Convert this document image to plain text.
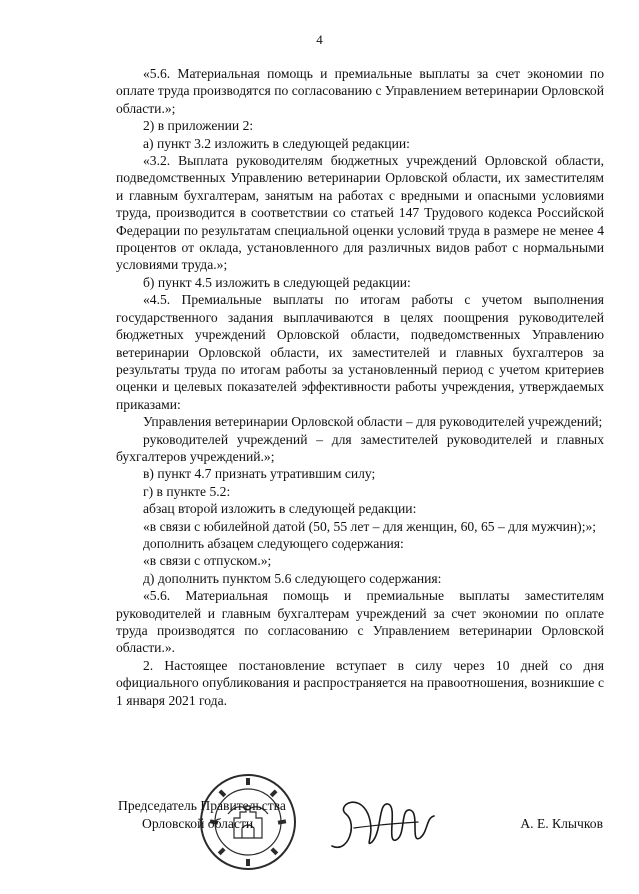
4

«5.6. Материальная помощь и премиальные выплаты за счет экономии по оплате труда производятся по согласованию с Управлением ветеринарии Орловской области.»;

2) в приложении 2:

а) пункт 3.2 изложить в следующей редакции:

«3.2. Выплата руководителям бюджетных учреждений Орловской области, подведомственных Управлению ветеринарии Орловской области, их заместителям и главным бухгалтерам, занятым на работах с вредными и опасными условиями труда, производится в соответствии со статьей 147 Трудового кодекса Российской Федерации по результатам специальной оценки условий труда в размере не менее 4 процентов от оклада, установленного для различных видов работ с нормальными условиями труда.»;

б) пункт 4.5 изложить в следующей редакции:

«4.5. Премиальные выплаты по итогам работы с учетом выполнения государственного задания выплачиваются в целях поощрения руководителей бюджетных учреждений Орловской области, подведомственных Управлению ветеринарии Орловской области, их заместителей и главных бухгалтеров за результаты труда по итогам работы за установленный период с учетом критериев оценки и целевых показателей эффективности работы учреждения, утверждаемых приказами:

Управления ветеринарии Орловской области – для руководителей учреждений;

руководителей учреждений – для заместителей руководителей и главных бухгалтеров учреждений.»;

в) пункт 4.7 признать утратившим силу;

г) в пункте 5.2:

абзац второй изложить в следующей редакции:

«в связи с юбилейной датой (50, 55 лет – для женщин, 60, 65 – для мужчин);»;

дополнить абзацем следующего содержания:

«в связи с отпуском.»;

д) дополнить пунктом 5.6 следующего содержания:

«5.6. Материальная помощь и премиальные выплаты заместителям руководителей и главным бухгалтерам учреждений за счет экономии по оплате труда производятся по согласованию с Управлением ветеринарии Орловской области.».

2. Настоящее постановление вступает в силу через 10 дней со дня официального опубликования и распространяется на правоотношения, возникшие с 1 января 2021 года.

Председатель Правительства
Орловской области	А. Е. Клычков
